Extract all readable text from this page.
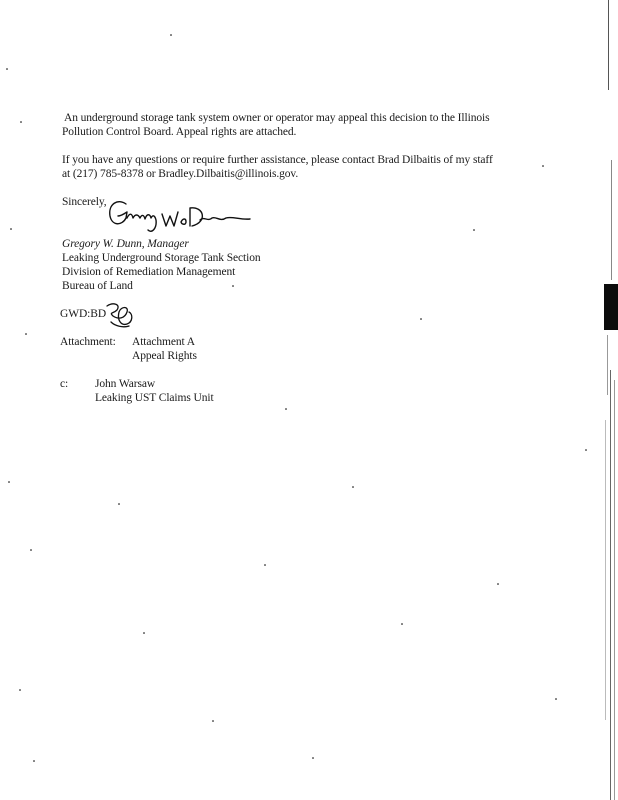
An underground storage tank system owner or operator may appeal this decision to the Illinois
Pollution Control Board. Appeal rights are attached.
If you have any questions or require further assistance, please contact Brad Dilbaitis of my staff
at (217) 785-8378 or Bradley.Dilbaitis@illinois.gov.
Sincerely,
Gregory W. Dunn, Manager
Leaking Underground Storage Tank Section
Division of Remediation Management
Bureau of Land
GWD:BD
Attachment: Attachment A
Appeal Rights
c: John Warsaw
Leaking UST Claims Unit
